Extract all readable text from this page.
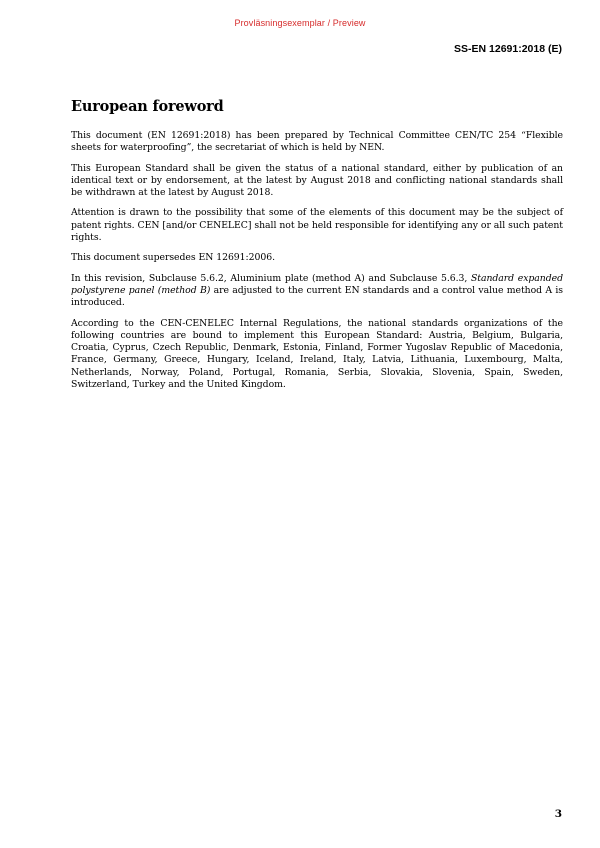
Provläsningsexemplar / Preview
SS-EN 12691:2018 (E)
European foreword

This document (EN 12691:2018) has been prepared by Technical Committee CEN/TC 254 “Flexible sheets for waterproofing”, the secretariat of which is held by NEN.

This European Standard shall be given the status of a national standard, either by publication of an identical text or by endorsement, at the latest by August 2018 and conflicting national standards shall be withdrawn at the latest by August 2018.

Attention is drawn to the possibility that some of the elements of this document may be the subject of patent rights. CEN [and/or CENELEC] shall not be held responsible for identifying any or all such patent rights.

This document supersedes EN 12691:2006.

In this revision, Subclause 5.6.2, Aluminium plate (method A) and Subclause 5.6.3, Standard expanded polystyrene panel (method B) are adjusted to the current EN standards and a control value method A is introduced.

According to the CEN-CENELEC Internal Regulations, the national standards organizations of the following countries are bound to implement this European Standard: Austria, Belgium, Bulgaria, Croatia, Cyprus, Czech Republic, Denmark, Estonia, Finland, Former Yugoslav Republic of Macedonia, France, Germany, Greece, Hungary, Iceland, Ireland, Italy, Latvia, Lithuania, Luxembourg, Malta, Netherlands, Norway, Poland, Portugal, Romania, Serbia, Slovakia, Slovenia, Spain, Sweden, Switzerland, Turkey and the United Kingdom.

3
